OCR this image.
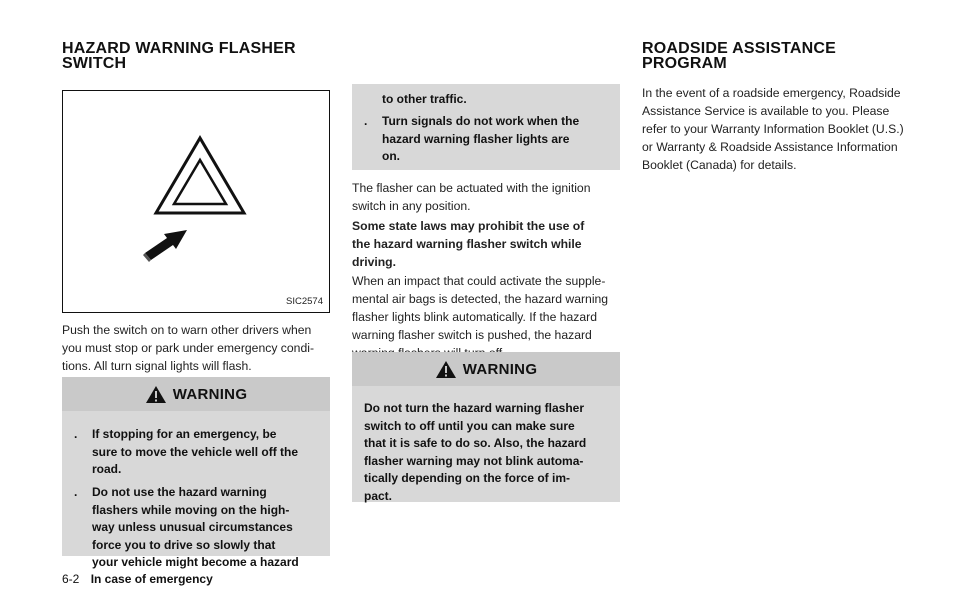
HAZARD WARNING FLASHER
SWITCH
ROADSIDE ASSISTANCE
PROGRAM
SIC2574

Push the switch on to warn other drivers when
you must stop or park under emergency condi-
tions. All turn signal lights will flash.

WARNING
.	If stopping for an emergency, be
sure to move the vehicle well off the
road.
.	Do not use the hazard warning
flashers while moving on the high-
way unless unusual circumstances
force you to drive so slowly that
your vehicle might become a hazard
to other traffic.
.	Turn signals do not work when the
hazard warning flasher lights are
on.

The flasher can be actuated with the ignition
switch in any position.

Some state laws may prohibit the use of
the hazard warning flasher switch while
driving.

When an impact that could activate the supple-
mental air bags is detected, the hazard warning
flasher lights blink automatically. If the hazard
warning flasher switch is pushed, the hazard

WARNING

Do not turn the hazard warning flasher
switch to off until you can make sure
that it is safe to do so. Also, the hazard
flasher warning may not blink automa-
tically depending on the force of im-
pact.

In the event of a roadside emergency, Roadside
Assistance Service is available to you. Please
refer to your Warranty Information Booklet (U.S.)
or Warranty & Roadside Assistance Information
Booklet (Canada) for details.

6-2 In case of emergency
